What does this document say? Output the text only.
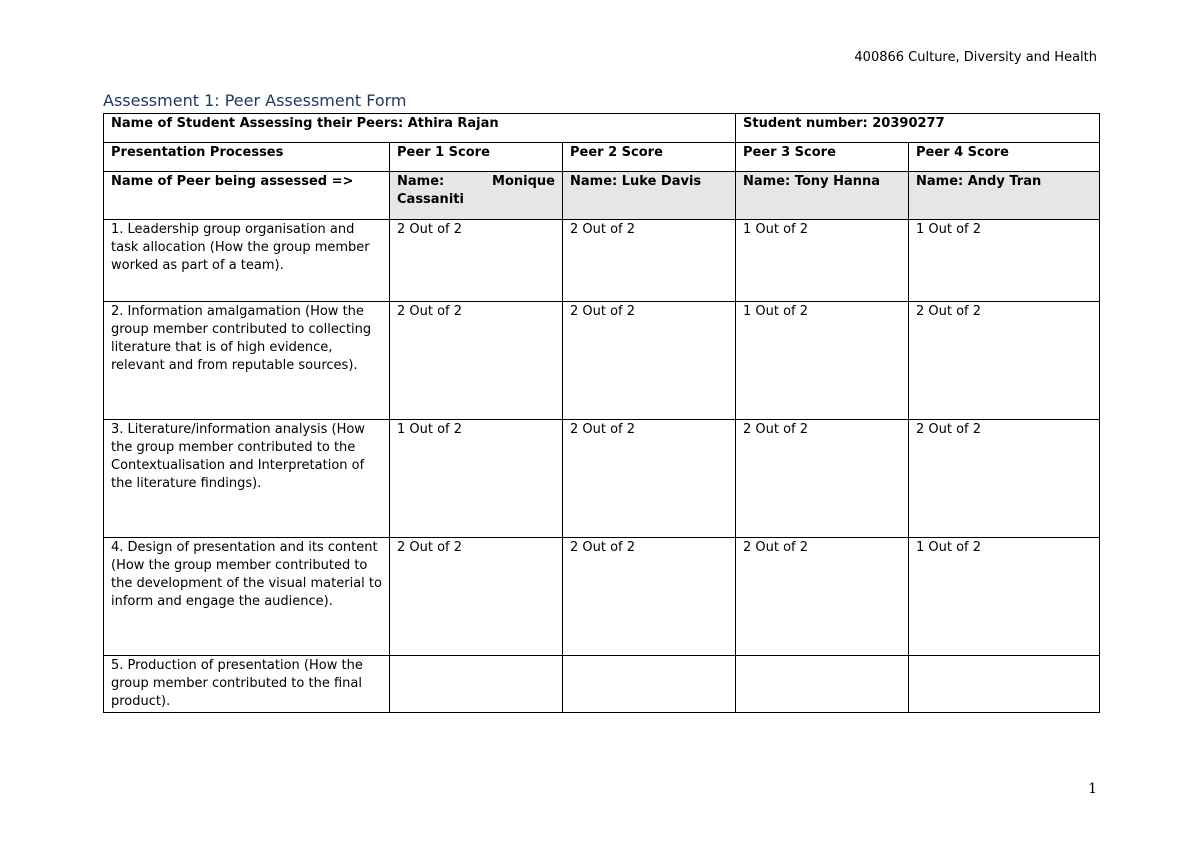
400866 Culture, Diversity and Health
Assessment 1: Peer Assessment Form
Name of Student Assessing their Peers: Athira Rajan			Student number: 20390277	
Presentation Processes	Peer 1 Score	Peer 2 Score	Peer 3 Score	Peer 4 Score
Name of Peer being assessed =>	Name: Monique
Cassaniti	Name: Luke Davis	Name: Tony Hanna	Name: Andy Tran
1. Leadership group organisation and task allocation (How the group member worked as part of a team).	2 Out of 2	2 Out of 2	1 Out of 2	1 Out of 2
2. Information amalgamation (How the group member contributed to collecting literature that is of high evidence, relevant and from reputable sources).	2 Out of 2	2 Out of 2	1 Out of 2	2 Out of 2
3. Literature/information analysis (How the group member contributed to the Contextualisation and Interpretation of the literature findings).	1 Out of 2	2 Out of 2	2 Out of 2	2 Out of 2
4. Design of presentation and its content (How the group member contributed to the development of the visual material to inform and engage the audience).	2 Out of 2	2 Out of 2	2 Out of 2	1 Out of 2
5. Production of presentation (How the group member contributed to the final product).				
1
